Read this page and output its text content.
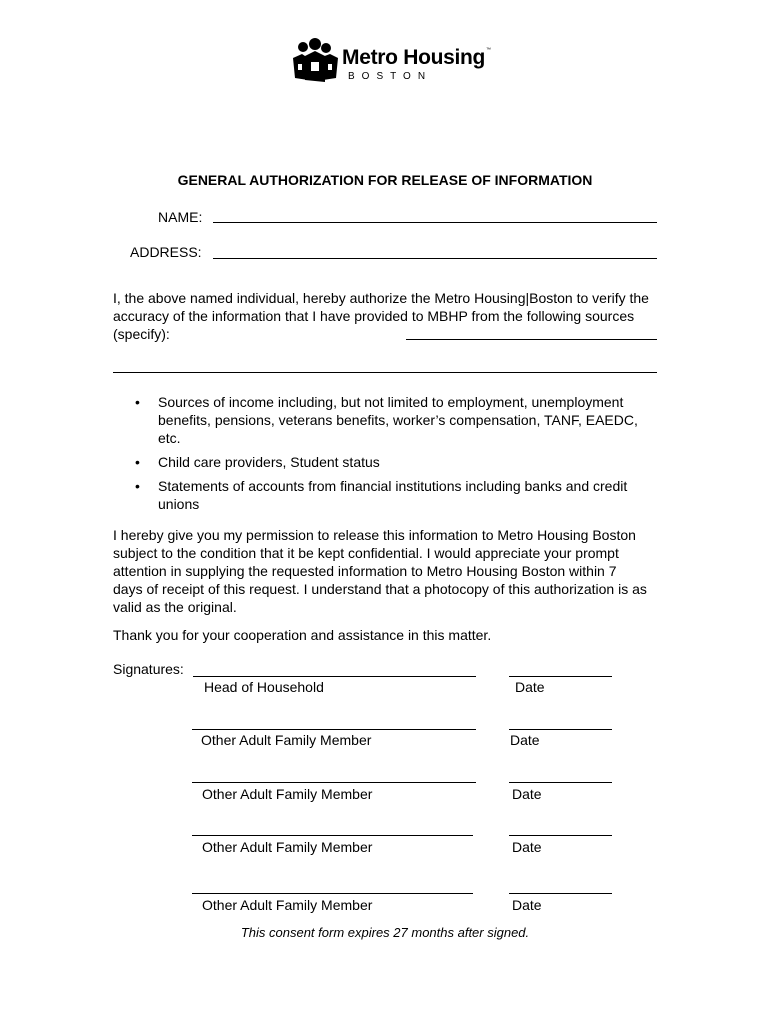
Metro Housing ™
BOSTON
GENERAL AUTHORIZATION FOR RELEASE OF INFORMATION
NAME:
ADDRESS:
I, the above named individual, hereby authorize the Metro Housing|Boston to verify the accuracy of the information that I have provided to MBHP from the following sources (specify):
• Sources of income including, but not limited to employment, unemployment benefits, pensions, veterans benefits, worker’s compensation, TANF, EAEDC, etc.
• Child care providers, Student status
• Statements of accounts from financial institutions including banks and credit unions
I hereby give you my permission to release this information to Metro Housing Boston subject to the condition that it be kept confidential. I would appreciate your prompt attention in supplying the requested information to Metro Housing Boston within 7 days of receipt of this request. I understand that a photocopy of this authorization is as valid as the original.
Thank you for your cooperation and assistance in this matter.
Signatures:
Head of Household	Date
Other Adult Family Member	Date
Other Adult Family Member	Date
Other Adult Family Member	Date
Other Adult Family Member	Date
This consent form expires 27 months after signed.
